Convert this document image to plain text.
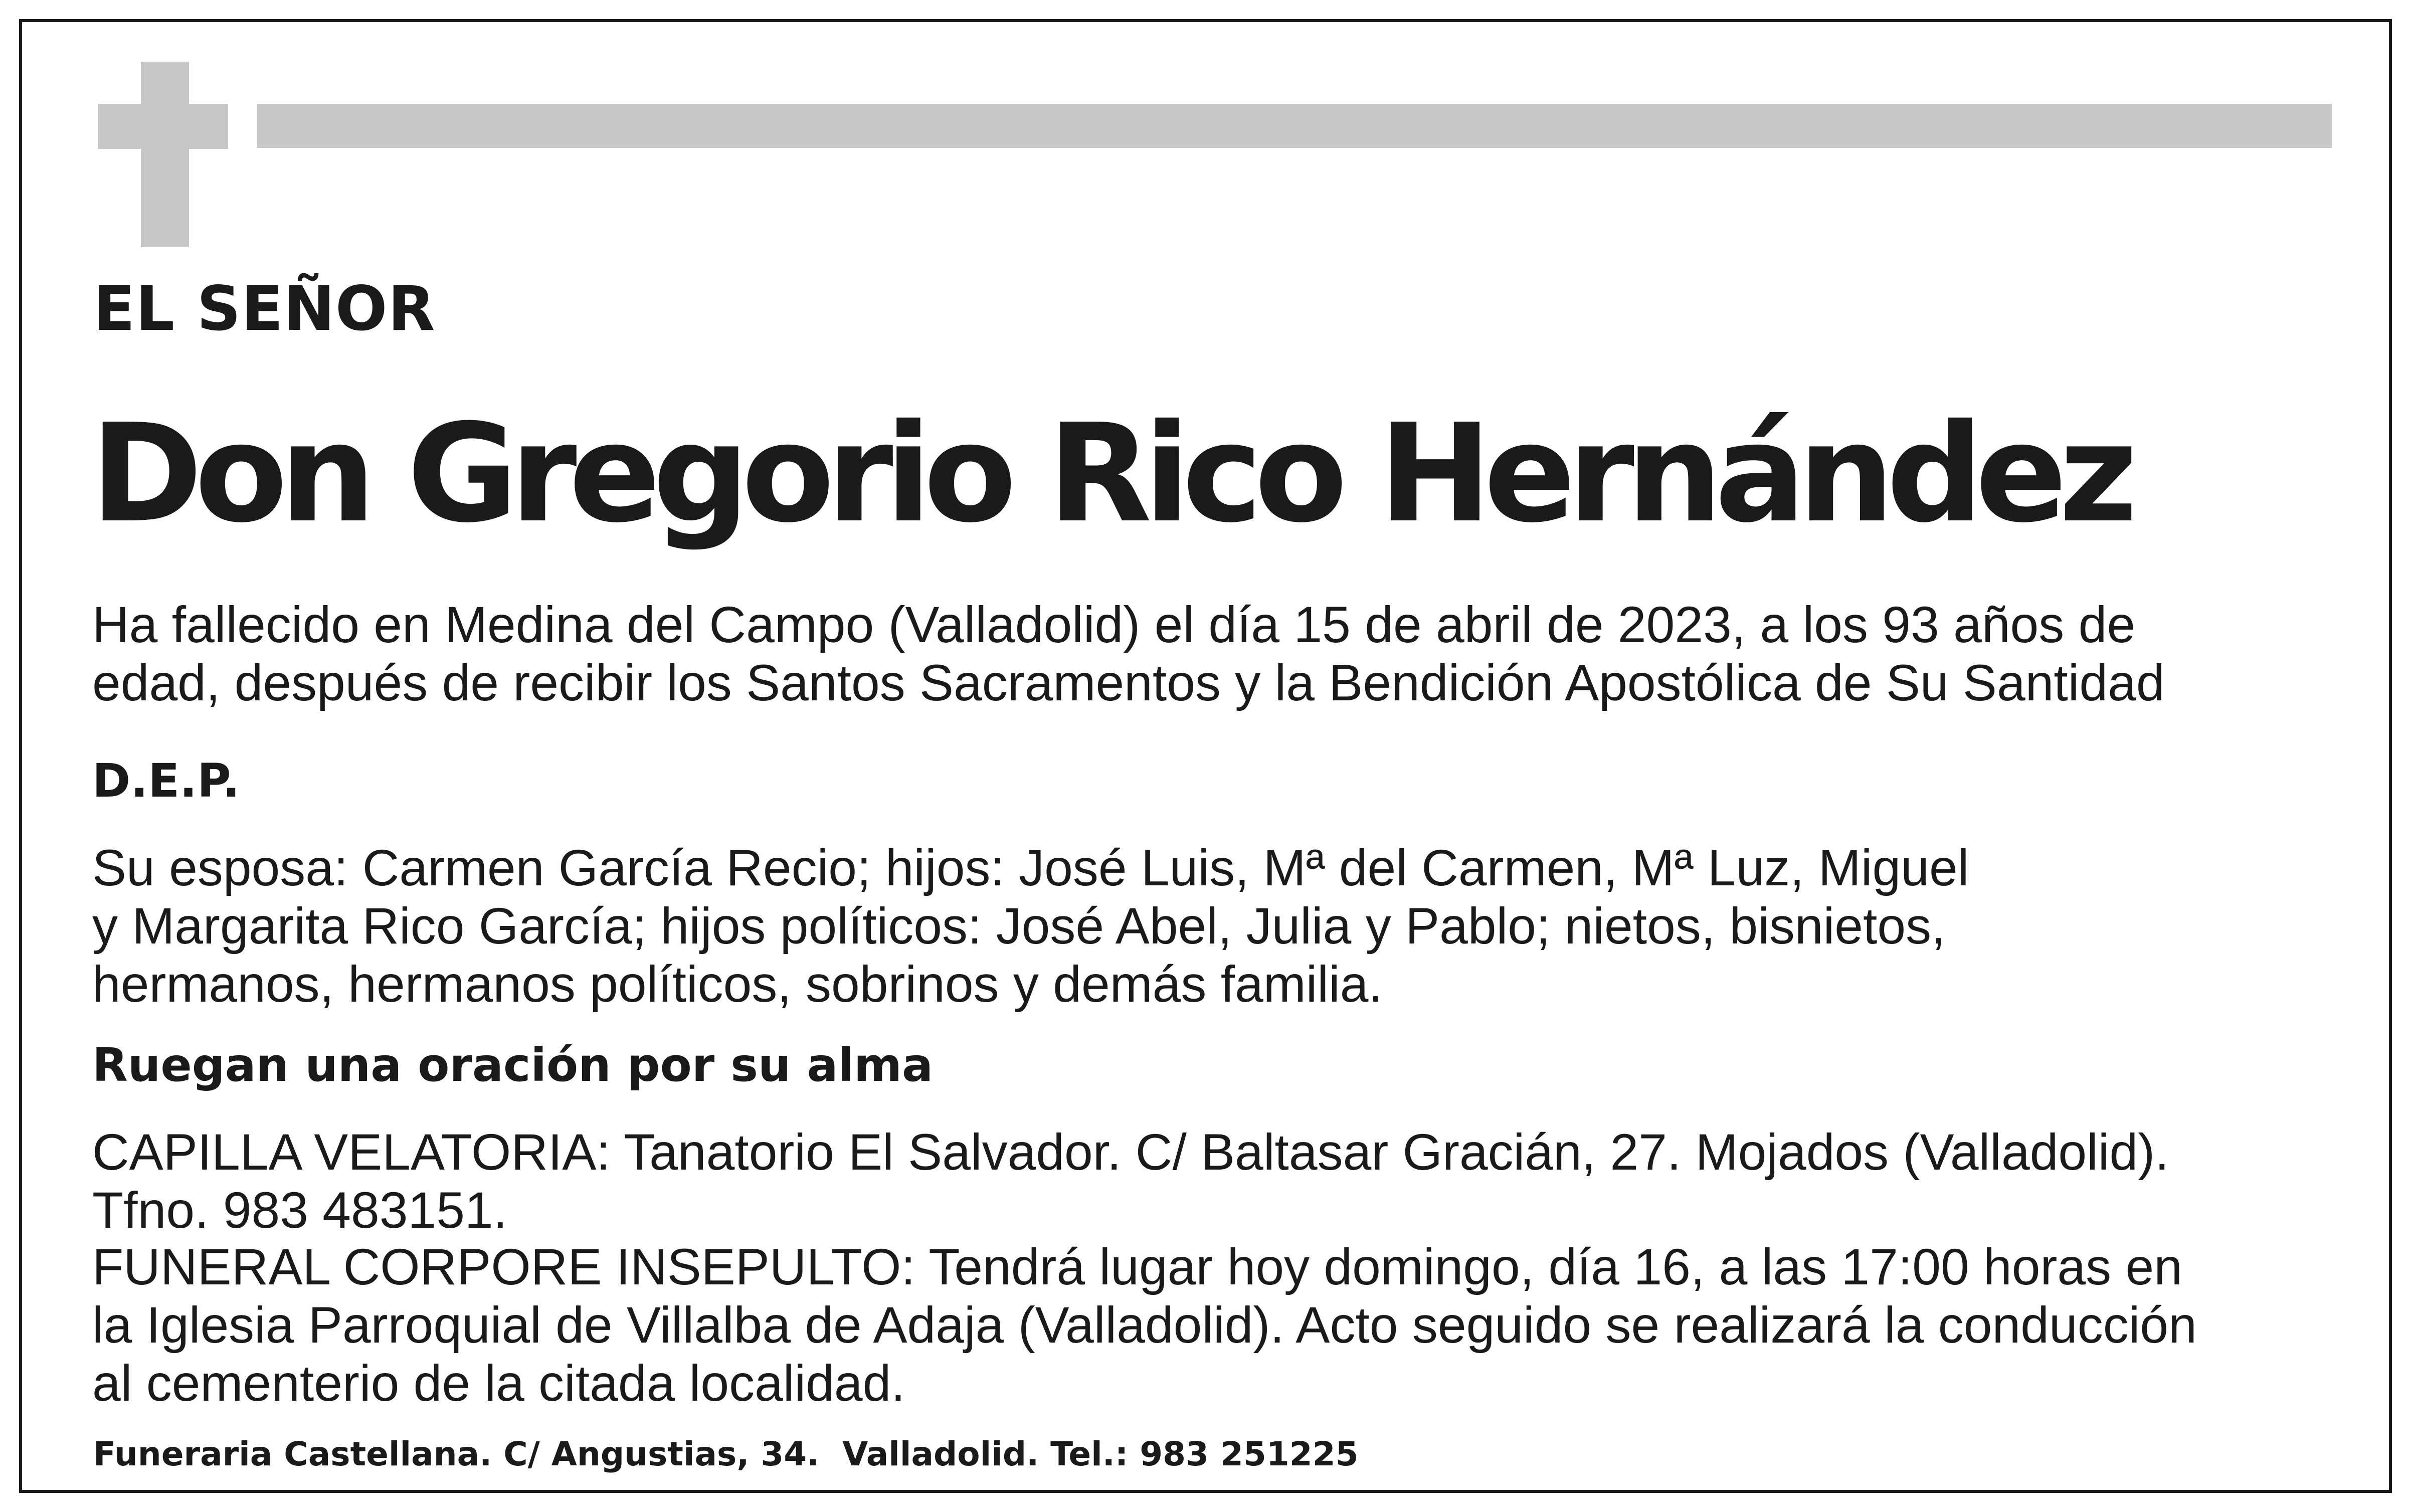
EL SEÑOR
Don Gregorio Rico Hernández

Ha fallecido en Medina del Campo (Valladolid) el día 15 de abril de 2023, a los 93 años de
edad, después de recibir los Santos Sacramentos y la Bendición Apostólica de Su Santidad

D.E.P.

Su esposa: Carmen García Recio; hijos: José Luis, Mª del Carmen, Mª Luz, Miguel
y Margarita Rico García; hijos políticos: José Abel, Julia y Pablo; nietos, bisnietos,
hermanos, hermanos políticos, sobrinos y demás familia.

Ruegan una oración por su alma

CAPILLA VELATORIA: Tanatorio El Salvador. C/ Baltasar Gracián, 27. Mojados (Valladolid).
Tfno. 983 483151.

FUNERAL CORPORE INSEPULTO: Tendrá lugar hoy domingo, día 16, a las 17:00 horas en
la Iglesia Parroquial de Villalba de Adaja (Valladolid). Acto seguido se realizará la conducción
al cementerio de la citada localidad.

Funeraria Castellana. C/ Angustias, 34.  Valladolid. Tel.: 983 251225
